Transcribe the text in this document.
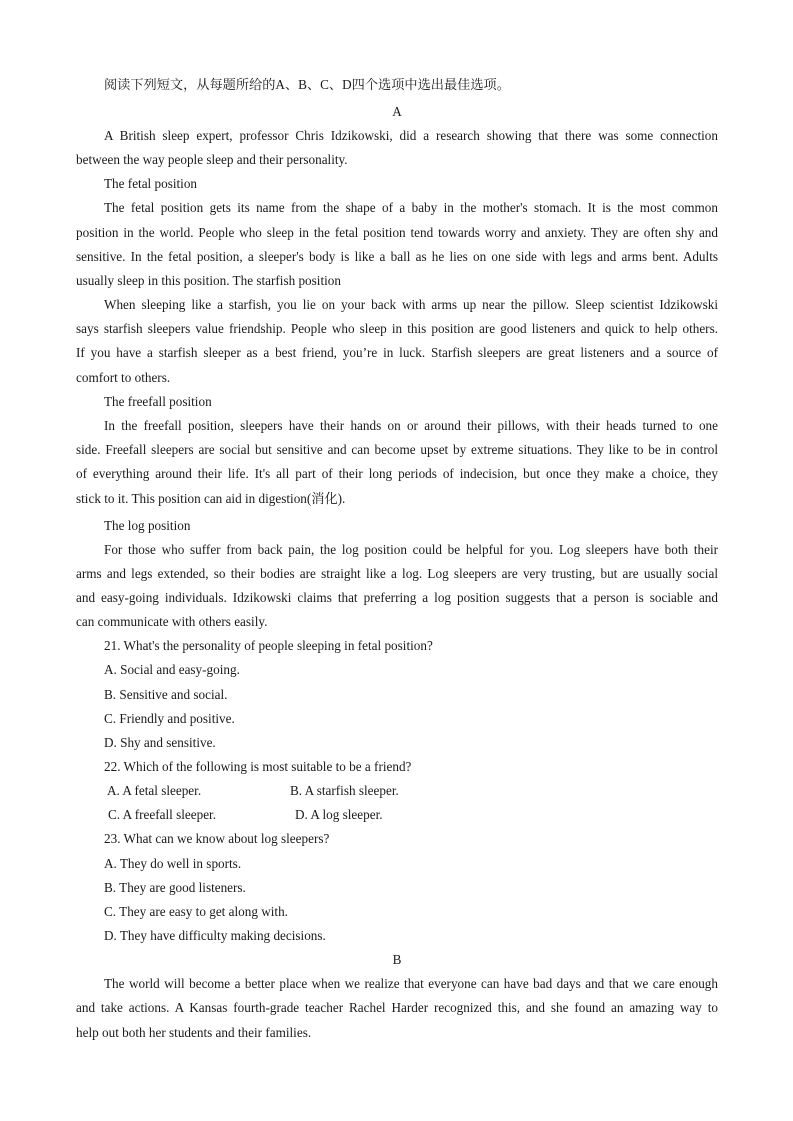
阅读下列短文，从每题所给的A、B、C、D四个选项中选出最佳选项。
A
A British sleep expert, professor Chris Idzikowski, did a research showing that there was some connection
between the way people sleep and their personality.
The fetal position
The fetal position gets its name from the shape of a baby in the mother's stomach. It is the most common
position in the world. People who sleep in the fetal position tend towards worry and anxiety. They are often shy and
sensitive. In the fetal position, a sleeper's body is like a ball as he lies on one side with legs and arms bent. Adults
usually sleep in this position. The starfish position
When sleeping like a starfish, you lie on your back with arms up near the pillow. Sleep scientist Idzikowski
says starfish sleepers value friendship. People who sleep in this position are good listeners and quick to help others.
If you have a starfish sleeper as a best friend, you’re in luck. Starfish sleepers are great listeners and a source of
comfort to others.
The freefall position
In the freefall position, sleepers have their hands on or around their pillows, with their heads turned to one
side. Freefall sleepers are social but sensitive and can become upset by extreme situations. They like to be in control
of everything around their life. It's all part of their long periods of indecision, but once they make a choice, they
stick to it. This position can aid in digestion(消化).
The log position
For those who suffer from back pain, the log position could be helpful for you. Log sleepers have both their
arms and legs extended, so their bodies are straight like a log. Log sleepers are very trusting, but are usually social
and easy-going individuals. Idzikowski claims that preferring a log position suggests that a person is sociable and
can communicate with others easily.
21. What's the personality of people sleeping in fetal position?
A. Social and easy-going.
B. Sensitive and social.
C. Friendly and positive.
D. Shy and sensitive.
22. Which of the following is most suitable to be a friend?
A. A fetal sleeper.	B. A starfish sleeper.
C. A freefall sleeper.	D. A log sleeper.
23. What can we know about log sleepers?
A. They do well in sports.
B. They are good listeners.
C. They are easy to get along with.
D. They have difficulty making decisions.
B
The world will become a better place when we realize that everyone can have bad days and that we care enough
and take actions. A Kansas fourth-grade teacher Rachel Harder recognized this, and she found an amazing way to
help out both her students and their families.
